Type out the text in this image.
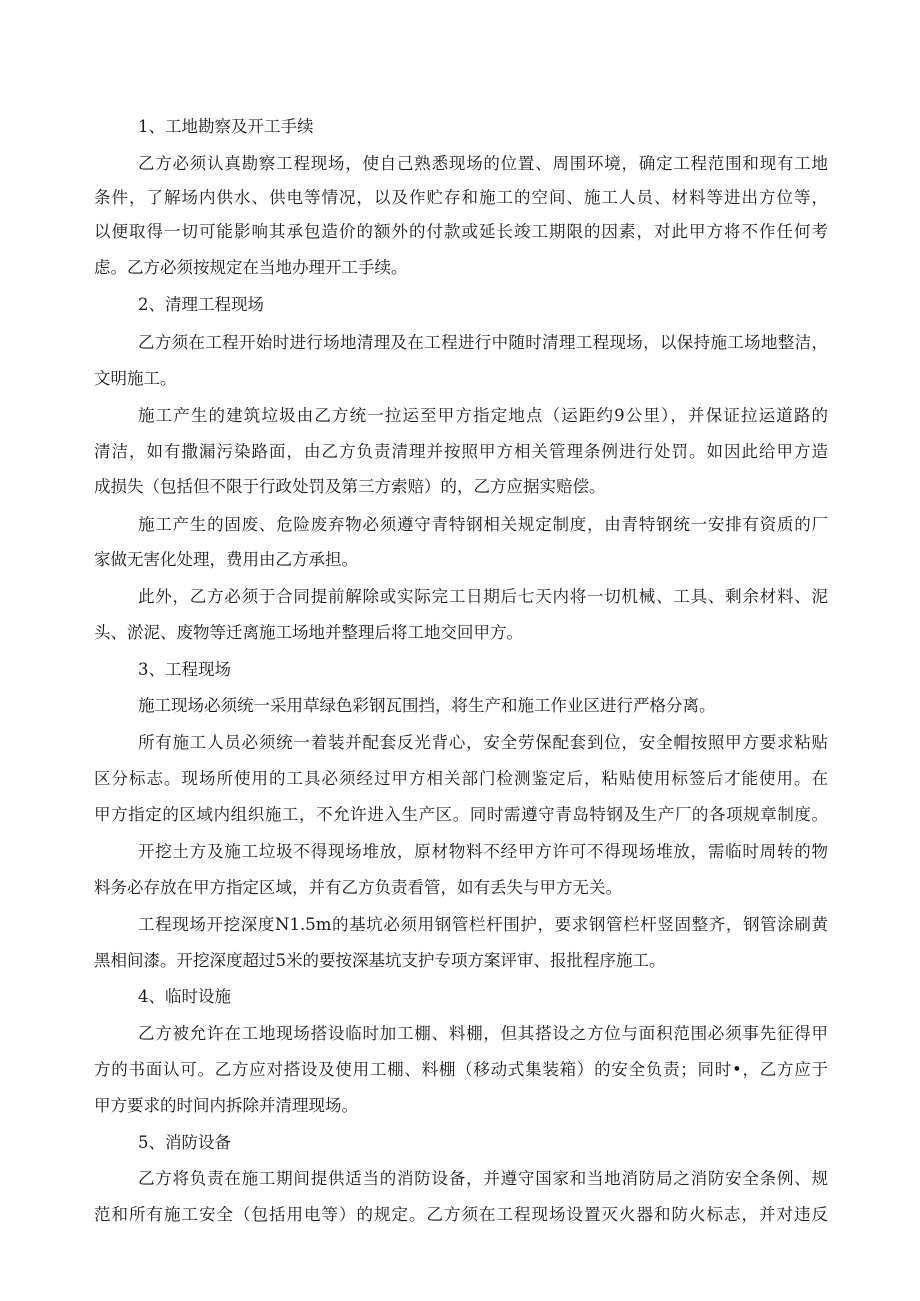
1、工地勘察及开工手续
乙方必须认真勘察工程现场，使自己熟悉现场的位置、周围环境，确定工程范围和现有工地
条件，了解场内供水、供电等情况，以及作贮存和施工的空间、施工人员、材料等进出方位等，
以便取得一切可能影响其承包造价的额外的付款或延长竣工期限的因素，对此甲方将不作任何考
虑。乙方必须按规定在当地办理开工手续。
2、清理工程现场
乙方须在工程开始时进行场地清理及在工程进行中随时清理工程现场，以保持施工场地整洁，
文明施工。
施工产生的建筑垃圾由乙方统一拉运至甲方指定地点（运距约9公里），并保证拉运道路的
清洁，如有撒漏污染路面，由乙方负责清理并按照甲方相关管理条例进行处罚。如因此给甲方造
成损失（包括但不限于行政处罚及第三方索赔）的，乙方应据实赔偿。
施工产生的固废、危险废弃物必须遵守青特钢相关规定制度，由青特钢统一安排有资质的厂
家做无害化处理，费用由乙方承担。
此外，乙方必须于合同提前解除或实际完工日期后七天内将一切机械、工具、剩余材料、泥
头、淤泥、废物等迁离施工场地并整理后将工地交回甲方。
3、工程现场
施工现场必须统一采用草绿色彩钢瓦围挡，将生产和施工作业区进行严格分离。
所有施工人员必须统一着装并配套反光背心，安全劳保配套到位，安全帽按照甲方要求粘贴
区分标志。现场所使用的工具必须经过甲方相关部门检测鉴定后，粘贴使用标签后才能使用。在
甲方指定的区域内组织施工，不允许进入生产区。同时需遵守青岛特钢及生产厂的各项规章制度。
开挖土方及施工垃圾不得现场堆放，原材物料不经甲方许可不得现场堆放，需临时周转的物
料务必存放在甲方指定区域，并有乙方负责看管，如有丢失与甲方无关。
工程现场开挖深度N1.5m的基坑必须用钢管栏杆围护，要求钢管栏杆竖固整齐，钢管涂刷黄
黑相间漆。开挖深度超过5米的要按深基坑支护专项方案评审、报批程序施工。
4、临时设施
乙方被允许在工地现场搭设临时加工棚、料棚，但其搭设之方位与面积范围必须事先征得甲
方的书面认可。乙方应对搭设及使用工棚、料棚（移动式集装箱）的安全负责；同时•，乙方应于
甲方要求的时间内拆除并清理现场。
5、消防设备
乙方将负责在施工期间提供适当的消防设备，并遵守国家和当地消防局之消防安全条例、规
范和所有施工安全（包括用电等）的规定。乙方须在工程现场设置灭火器和防火标志，并对违反
